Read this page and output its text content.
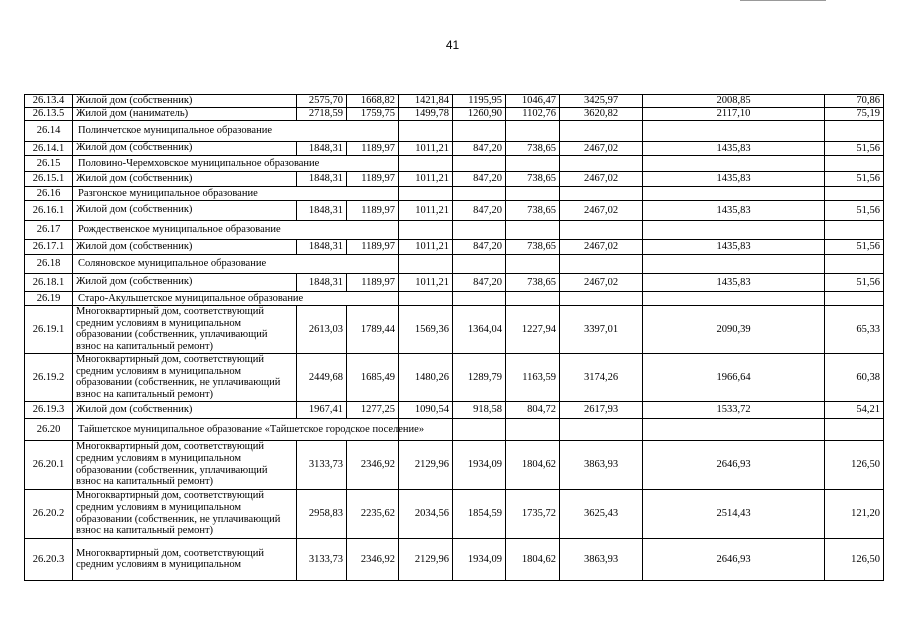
41
26.13.4	Жилой дом (собственник)	2575,70	1668,82	1421,84	1195,95	1046,47	3425,97	2008,85	70,86
26.13.5	Жилой дом (наниматель)	2718,59	1759,75	1499,78	1260,90	1102,76	3620,82	2117,10	75,19
26.14	Полинчетское муниципальное образование								
26.14.1	Жилой дом (собственник)	1848,31	1189,97	1011,21	847,20	738,65	2467,02	1435,83	51,56
26.15	Половино-Черемховское муниципальное образование								
26.15.1	Жилой дом (собственник)	1848,31	1189,97	1011,21	847,20	738,65	2467,02	1435,83	51,56
26.16	Разгонское муниципальное образование								
26.16.1	Жилой дом (собственник)	1848,31	1189,97	1011,21	847,20	738,65	2467,02	1435,83	51,56
26.17	Рождественское муниципальное образование								
26.17.1	Жилой дом (собственник)	1848,31	1189,97	1011,21	847,20	738,65	2467,02	1435,83	51,56
26.18	Соляновское муниципальное образование								
26.18.1	Жилой дом (собственник)	1848,31	1189,97	1011,21	847,20	738,65	2467,02	1435,83	51,56
26.19	Старо-Акульшетское муниципальное образование								
26.19.1	Многоквартирный дом, соответствующий средним условиям в муниципальном образовании (собственник, уплачивающий взнос на капитальный ремонт)	2613,03	1789,44	1569,36	1364,04	1227,94	3397,01	2090,39	65,33
26.19.2	Многоквартирный дом, соответствующий средним условиям в муниципальном образовании (собственник, не уплачивающий взнос на капитальный ремонт)	2449,68	1685,49	1480,26	1289,79	1163,59	3174,26	1966,64	60,38
26.19.3	Жилой дом (собственник)	1967,41	1277,25	1090,54	918,58	804,72	2617,93	1533,72	54,21
26.20	Тайшетское муниципальное образование «Тайшетское городское поселение»								
26.20.1	Многоквартирный дом, соответствующий средним условиям в муниципальном образовании (собственник, уплачивающий взнос на капитальный ремонт)	3133,73	2346,92	2129,96	1934,09	1804,62	3863,93	2646,93	126,50
26.20.2	Многоквартирный дом, соответствующий средним условиям в муниципальном образовании (собственник, не уплачивающий взнос на капитальный ремонт)	2958,83	2235,62	2034,56	1854,59	1735,72	3625,43	2514,43	121,20
26.20.3	Многоквартирный дом, соответствующий средним условиям в муниципальном	3133,73	2346,92	2129,96	1934,09	1804,62	3863,93	2646,93	126,50
